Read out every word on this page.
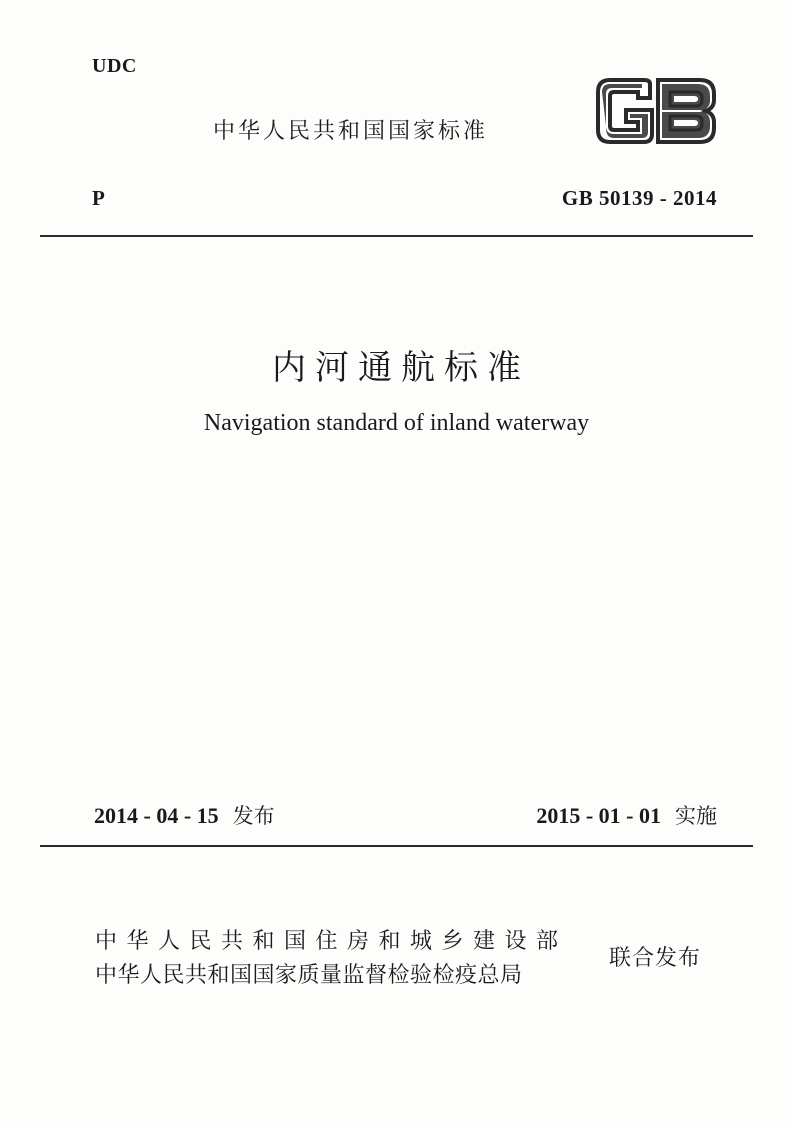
UDC
中华人民共和国国家标准
P	GB 50139 - 2014
内河通航标准
Navigation standard of inland waterway
2014 - 04 - 15 发布	2015 - 01 - 01 实施
中华人民共和国住房和城乡建设部
中华人民共和国国家质量监督检验检疫总局
联合发布
